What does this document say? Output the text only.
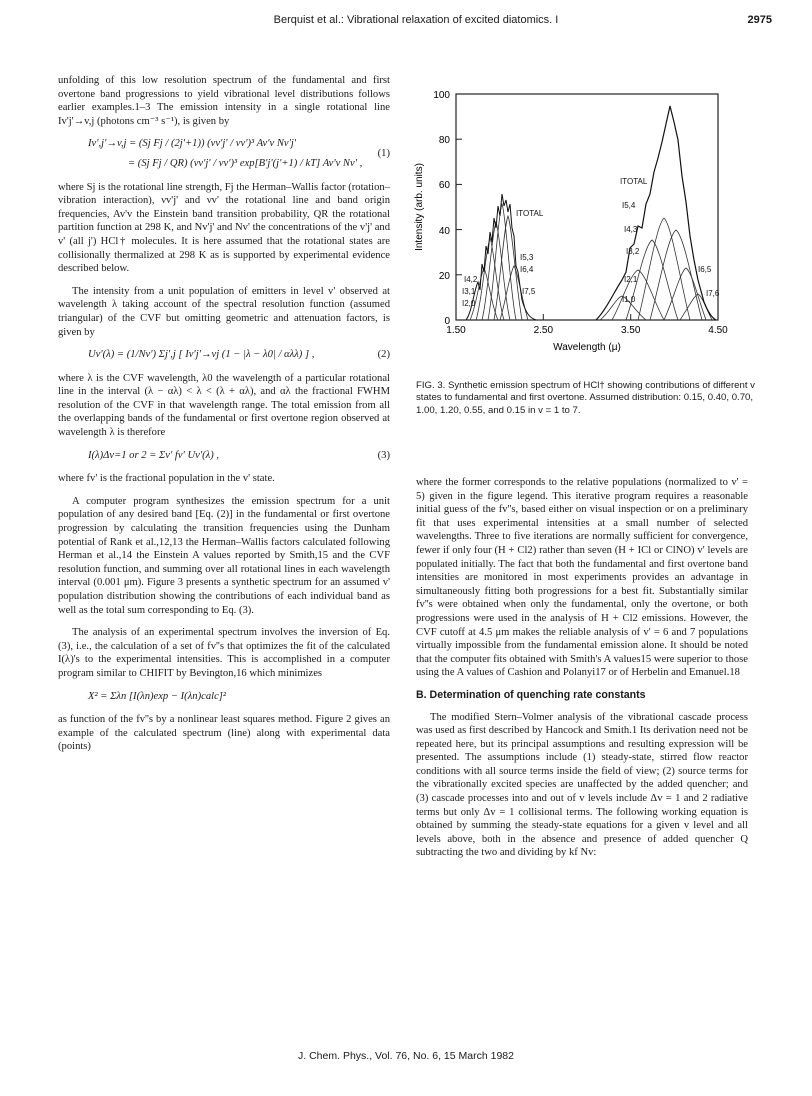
Berquist et al.: Vibrational relaxation of excited diatomics. I	2975

unfolding of this low resolution spectrum of the fundamental and first overtone band progressions to yield vibrational level distributions follows earlier examples.1–3 The emission intensity in a single rotational line Iv'j'→v,j (photons cm⁻³ s⁻¹), is given by

Iv',j'→v,j = (Sj Fj / (2j'+1)) (νv'j' / νv')³ Av'v Nv'j'
= (Sj Fj / QR) (νv'j' / νv')³ exp[B'j'(j'+1) / kT] Av'v Nv' ,
(1)

where Sj is the rotational line strength, Fj the Herman–Wallis factor (rotation–vibration interaction), νv'j' and νv' the rotational line and band origin frequencies, Av'v the Einstein band transition probability, QR the rotational partition function at 298 K, and Nv'j' and Nv' the concentrations of the v'j' and v' (all j') HCl† molecules. It is here assumed that the rotational states are collisionally thermalized at 298 K as is supported by experimental evidence described below.

The intensity from a unit population of emitters in level v' observed at wavelength λ taking account of the spectral resolution function (assumed triangular) of the CVF but omitting geometric and attenuation factors, is given by

Uv'(λ) = (1/Nv') Σj',j [ Iv'j'→vj (1 − |λ − λ0| / αλλ) ] ,	(2)

where λ is the CVF wavelength, λ0 the wavelength of a particular rotational line in the interval (λ − αλ) < λ < (λ + αλ), and αλ the fractional FWHM resolution of the CVF in that wavelength range. The total emission from all the overlapping bands of the fundamental or first overtone region observed at wavelength λ is therefore

I(λ)Δv=1 or 2 = Σv' fv' Uv'(λ) ,	(3)

where fv' is the fractional population in the v' state.

A computer program synthesizes the emission spectrum for a unit population of any desired band [Eq. (2)] in the fundamental or first overtone progression by calculating the transition frequencies using the Dunham potential of Rank et al.,12,13 the Herman–Wallis factors calculated following Herman et al.,14 the Einstein A values reported by Smith,15 and the CVF resolution function, and summing over all rotational lines in each wavelength interval (0.001 μm). Figure 3 presents a synthetic spectrum for an assumed v' population distribution showing the contributions of each individual band as well as the total sum corresponding to Eq. (3).

The analysis of an experimental spectrum involves the inversion of Eq. (3), i.e., the calculation of a set of fv''s that optimizes the fit of the calculated I(λ)'s to the experimental intensities. This is accomplished in a computer program similar to CHIFIT by Bevington,16 which minimizes

X² = Σλn [I(λn)exp − I(λn)calc]²

as function of the fv''s by a nonlinear least squares method. Figure 2 gives an example of the calculated spectrum (line) along with experimental data (points)

0
20
40
60
80
100
Intensity (arb. units)
1.50	2.50	3.50	4.50
Wavelength (μ)
ITOTAL
I5,3
I6,4
I4,2
I3,1
I2,0
I7,5
ITOTAL
I5,4
I4,3
I3,2
I6,5
I2,1
I1,0
I7,6
FIG. 3. Synthetic emission spectrum of HCl† showing contributions of different v states to fundamental and first overtone. Assumed distribution: 0.15, 0.40, 0.70, 1.00, 1.20, 0.55, and 0.15 in v = 1 to 7.

where the former corresponds to the relative populations (normalized to v' = 5) given in the figure legend. This iterative program requires a reasonable initial guess of the fv''s, based either on visual inspection or on a preliminary fit that uses experimental intensities at a small number of selected wavelengths. Three to five iterations are normally sufficient for convergence, fewer if only four (H + Cl2) rather than seven (H + ICl or ClNO) v' levels are populated initially. The fact that both the fundamental and first overtone band intensities are monitored in most experiments provides an advantage in simultaneously fitting both progressions for a best fit. Substantially similar fv''s were obtained when only the fundamental, only the overtone, or both progressions were used in the analysis of H + Cl2 emissions. However, the CVF cutoff at 4.5 μm makes the reliable analysis of v' = 6 and 7 populations virtually impossible from the fundamental emission alone. It should be noted that the computer fits obtained with Smith's A values15 were superior to those using the A values of Cashion and Polanyi17 or of Herbelin and Emanuel.18

B. Determination of quenching rate constants

The modified Stern–Volmer analysis of the vibrational cascade process was used as first described by Hancock and Smith.1 Its derivation need not be repeated here, but its principal assumptions and resulting expression will be presented. The assumptions include (1) steady-state, stirred flow reactor conditions with all source terms inside the field of view; (2) source terms for the vibrationally excited species are unaffected by the added quencher; and (3) cascade processes into and out of v levels include Δv = 1 and 2 radiative terms but only Δv = 1 collisional terms. The following working equation is obtained by summing the steady-state equations for a given v level and all levels above, both in the absence and presence of added quencher Q subtracting the two and dividing by kf Nv:

J. Chem. Phys., Vol. 76, No. 6, 15 March 1982
